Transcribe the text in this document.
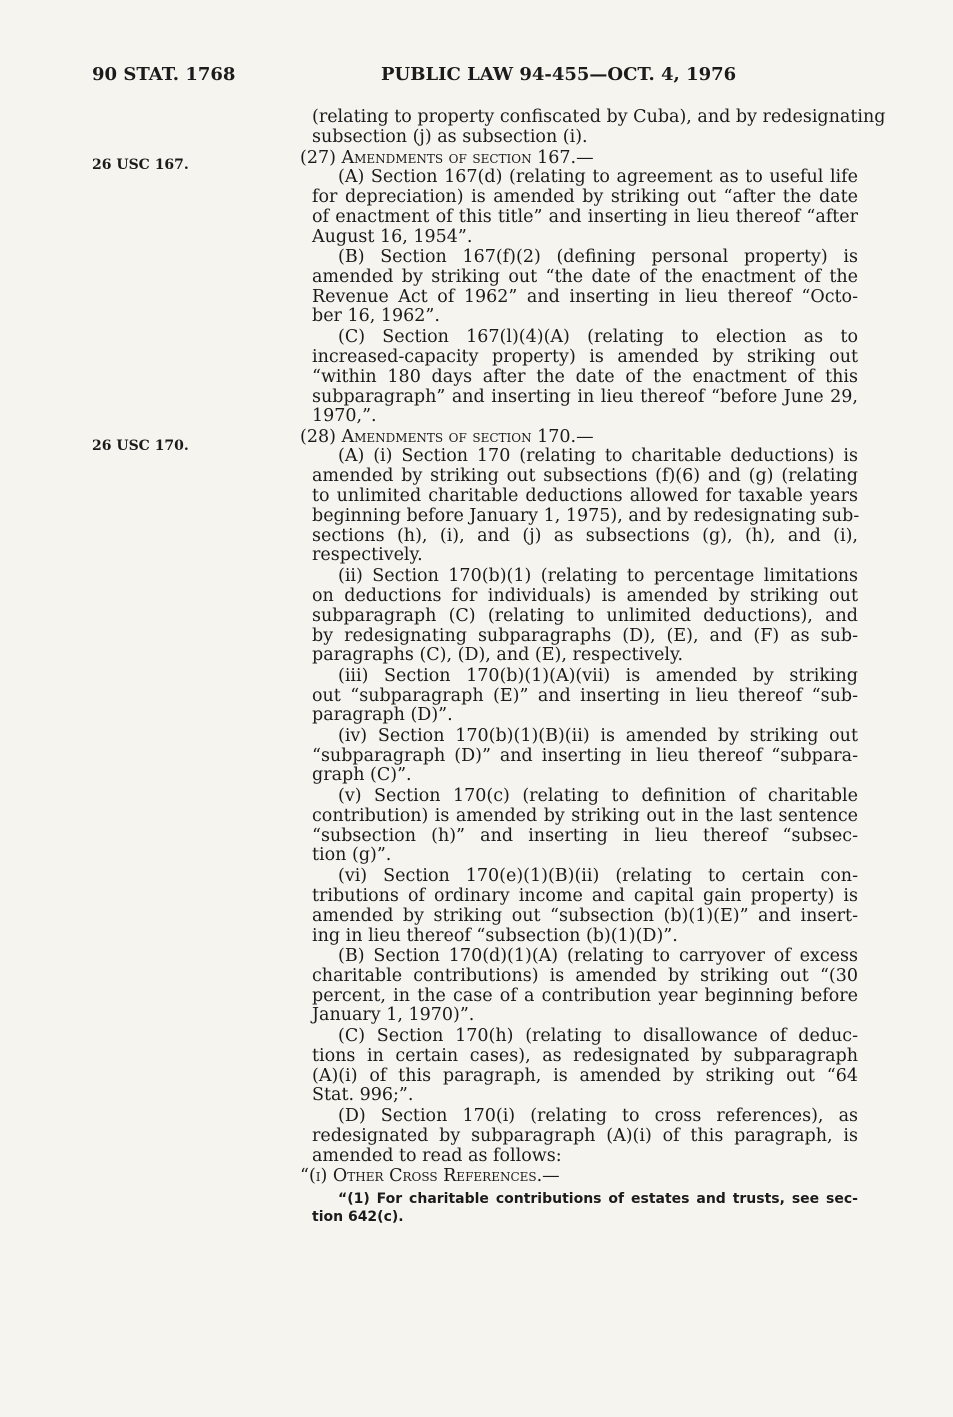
90 STAT. 1768	PUBLIC LAW 94-455—OCT. 4, 1976
26 USC 167.
26 USC 170.
(relating to property confiscated by Cuba), and by redesignating
subsection (j) as subsection (i).
(27) Amendments of section 167.—
(A) Section 167(d) (relating to agreement as to useful life
for depreciation) is amended by striking out “after the date
of enactment of this title” and inserting in lieu thereof “after
August 16, 1954”.
(B) Section 167(f)(2) (defining personal property) is
amended by striking out “the date of the enactment of the
Revenue Act of 1962” and inserting in lieu thereof “Octo-
ber 16, 1962”.
(C) Section 167(l)(4)(A) (relating to election as to
increased-capacity property) is amended by striking out
“within 180 days after the date of the enactment of this
subparagraph” and inserting in lieu thereof “before June 29,
1970,”.
(28) Amendments of section 170.—
(A) (i) Section 170 (relating to charitable deductions) is
amended by striking out subsections (f)(6) and (g) (relating
to unlimited charitable deductions allowed for taxable years
beginning before January 1, 1975), and by redesignating sub-
sections (h), (i), and (j) as subsections (g), (h), and (i),
respectively.
(ii) Section 170(b)(1) (relating to percentage limitations
on deductions for individuals) is amended by striking out
subparagraph (C) (relating to unlimited deductions), and
by redesignating subparagraphs (D), (E), and (F) as sub-
paragraphs (C), (D), and (E), respectively.
(iii) Section 170(b)(1)(A)(vii) is amended by striking
out “subparagraph (E)” and inserting in lieu thereof “sub-
paragraph (D)”.
(iv) Section 170(b)(1)(B)(ii) is amended by striking out
“subparagraph (D)” and inserting in lieu thereof “subpara-
graph (C)”.
(v) Section 170(c) (relating to definition of charitable
contribution) is amended by striking out in the last sentence
“subsection (h)” and inserting in lieu thereof “subsec-
tion (g)”.
(vi) Section 170(e)(1)(B)(ii) (relating to certain con-
tributions of ordinary income and capital gain property) is
amended by striking out “subsection (b)(1)(E)” and insert-
ing in lieu thereof “subsection (b)(1)(D)”.
(B) Section 170(d)(1)(A) (relating to carryover of excess
charitable contributions) is amended by striking out “(30
percent, in the case of a contribution year beginning before
January 1, 1970)”.
(C) Section 170(h) (relating to disallowance of deduc-
tions in certain cases), as redesignated by subparagraph
(A)(i) of this paragraph, is amended by striking out “64
Stat. 996;”.
(D) Section 170(i) (relating to cross references), as
redesignated by subparagraph (A)(i) of this paragraph, is
amended to read as follows:
“(i) Other Cross References.—
“(1) For charitable contributions of estates and trusts, see sec-
tion 642(c).
